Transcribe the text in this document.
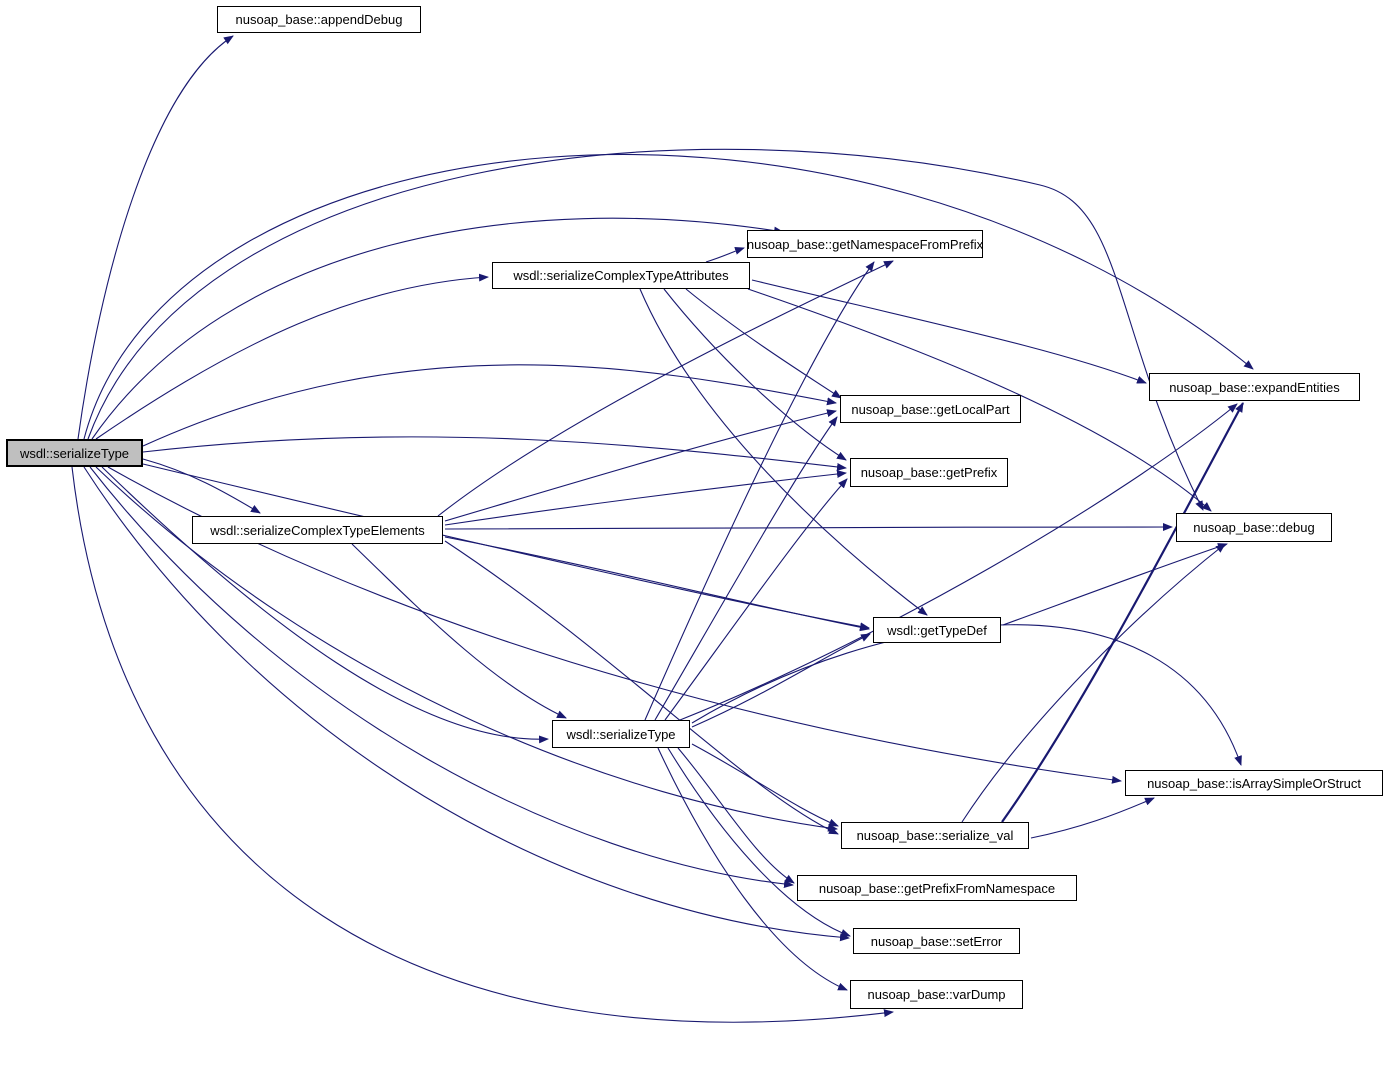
wsdl::serializeType
nusoap_base::appendDebug
wsdl::serializeComplexTypeAttributes
nusoap_base::getNamespaceFromPrefix
nusoap_base::expandEntities
nusoap_base::getLocalPart
nusoap_base::getPrefix
nusoap_base::debug
wsdl::serializeComplexTypeElements
wsdl::getTypeDef
wsdl::serializeType
nusoap_base::isArraySimpleOrStruct
nusoap_base::serialize_val
nusoap_base::getPrefixFromNamespace
nusoap_base::setError
nusoap_base::varDump
